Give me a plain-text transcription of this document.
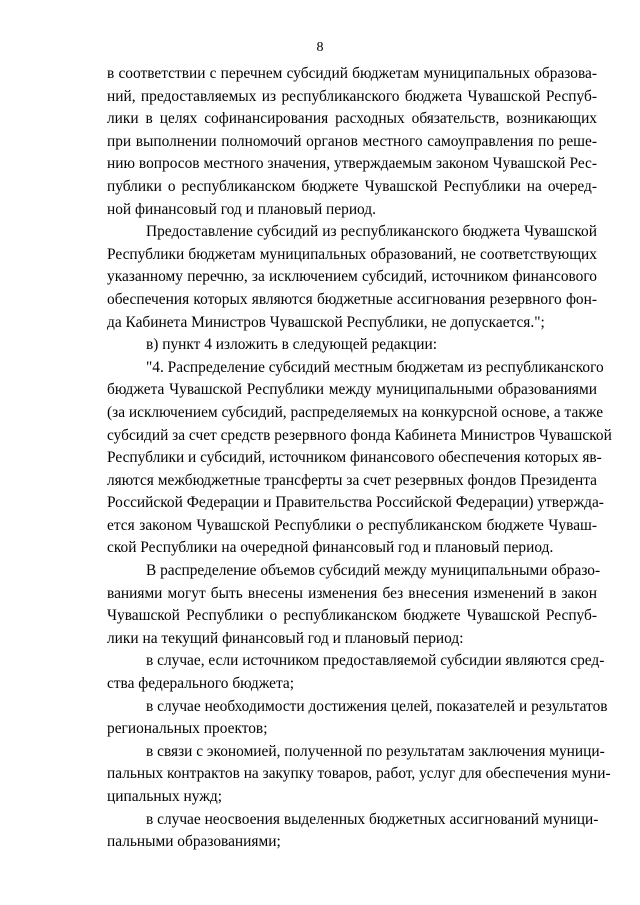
8
в соответствии с перечнем субсидий бюджетам муниципальных образова-
ний, предоставляемых из республиканского бюджета Чувашской Респуб-
лики в целях софинансирования расходных обязательств, возникающих
при выполнении полномочий органов местного самоуправления по реше-
нию вопросов местного значения, утверждаемым законом Чувашской Рес-
публики о республиканском бюджете Чувашской Республики на очеред-
ной финансовый год и плановый период.
Предоставление субсидий из республиканского бюджета Чувашской
Республики бюджетам муниципальных образований, не соответствующих
указанному перечню, за исключением субсидий, источником финансового
обеспечения которых являются бюджетные ассигнования резервного фон-
да Кабинета Министров Чувашской Республики, не допускается.";
в) пункт 4 изложить в следующей редакции:
"4. Распределение субсидий местным бюджетам из республиканского
бюджета Чувашской Республики между муниципальными образованиями
(за исключением субсидий, распределяемых на конкурсной основе, а также
субсидий за счет средств резервного фонда Кабинета Министров Чувашской
Республики и субсидий, источником финансового обеспечения которых яв-
ляются межбюджетные трансферты за счет резервных фондов Президента
Российской Федерации и Правительства Российской Федерации) утвержда-
ется законом Чувашской Республики о республиканском бюджете Чуваш-
ской Республики на очередной финансовый год и плановый период.
В распределение объемов субсидий между муниципальными образо-
ваниями могут быть внесены изменения без внесения изменений в закон
Чувашской Республики о республиканском бюджете Чувашской Респуб-
лики на текущий финансовый год и плановый период:
в случае, если источником предоставляемой субсидии являются сред-
ства федерального бюджета;
в случае необходимости достижения целей, показателей и результатов
региональных проектов;
в связи с экономией, полученной по результатам заключения муници-
пальных контрактов на закупку товаров, работ, услуг для обеспечения муни-
ципальных нужд;
в случае неосвоения выделенных бюджетных ассигнований муници-
пальными образованиями;
